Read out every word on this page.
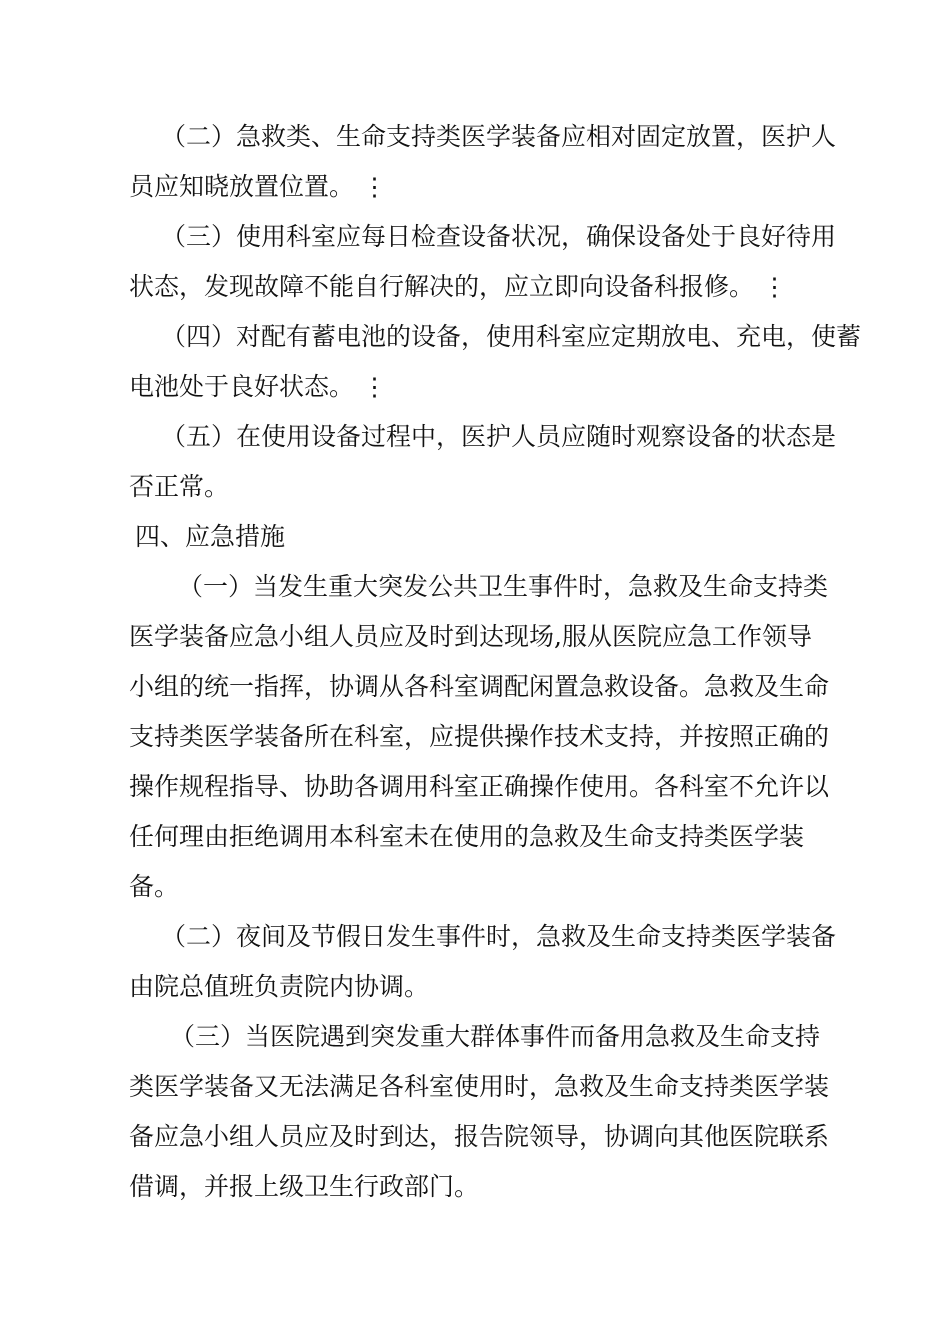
（二）急救类、生命支持类医学装备应相对固定放置，医护人
员应知晓放置位置。 ⋮
（三）使用科室应每日检查设备状况，确保设备处于良好待用
状态，发现故障不能自行解决的，应立即向设备科报修。 ⋮
（四）对配有蓄电池的设备，使用科室应定期放电、充电，使蓄
电池处于良好状态。 ⋮
（五）在使用设备过程中，医护人员应随时观察设备的状态是
否正常。
四、应急措施
（一）当发生重大突发公共卫生事件时，急救及生命支持类
医学装备应急小组人员应及时到达现场,服从医院应急工作领导
小组的统一指挥，协调从各科室调配闲置急救设备。急救及生命
支持类医学装备所在科室，应提供操作技术支持，并按照正确的
操作规程指导、协助各调用科室正确操作使用。各科室不允许以
任何理由拒绝调用本科室未在使用的急救及生命支持类医学装
备。
（二）夜间及节假日发生事件时，急救及生命支持类医学装备
由院总值班负责院内协调。
（三）当医院遇到突发重大群体事件而备用急救及生命支持
类医学装备又无法满足各科室使用时，急救及生命支持类医学装
备应急小组人员应及时到达，报告院领导，协调向其他医院联系
借调，并报上级卫生行政部门。
